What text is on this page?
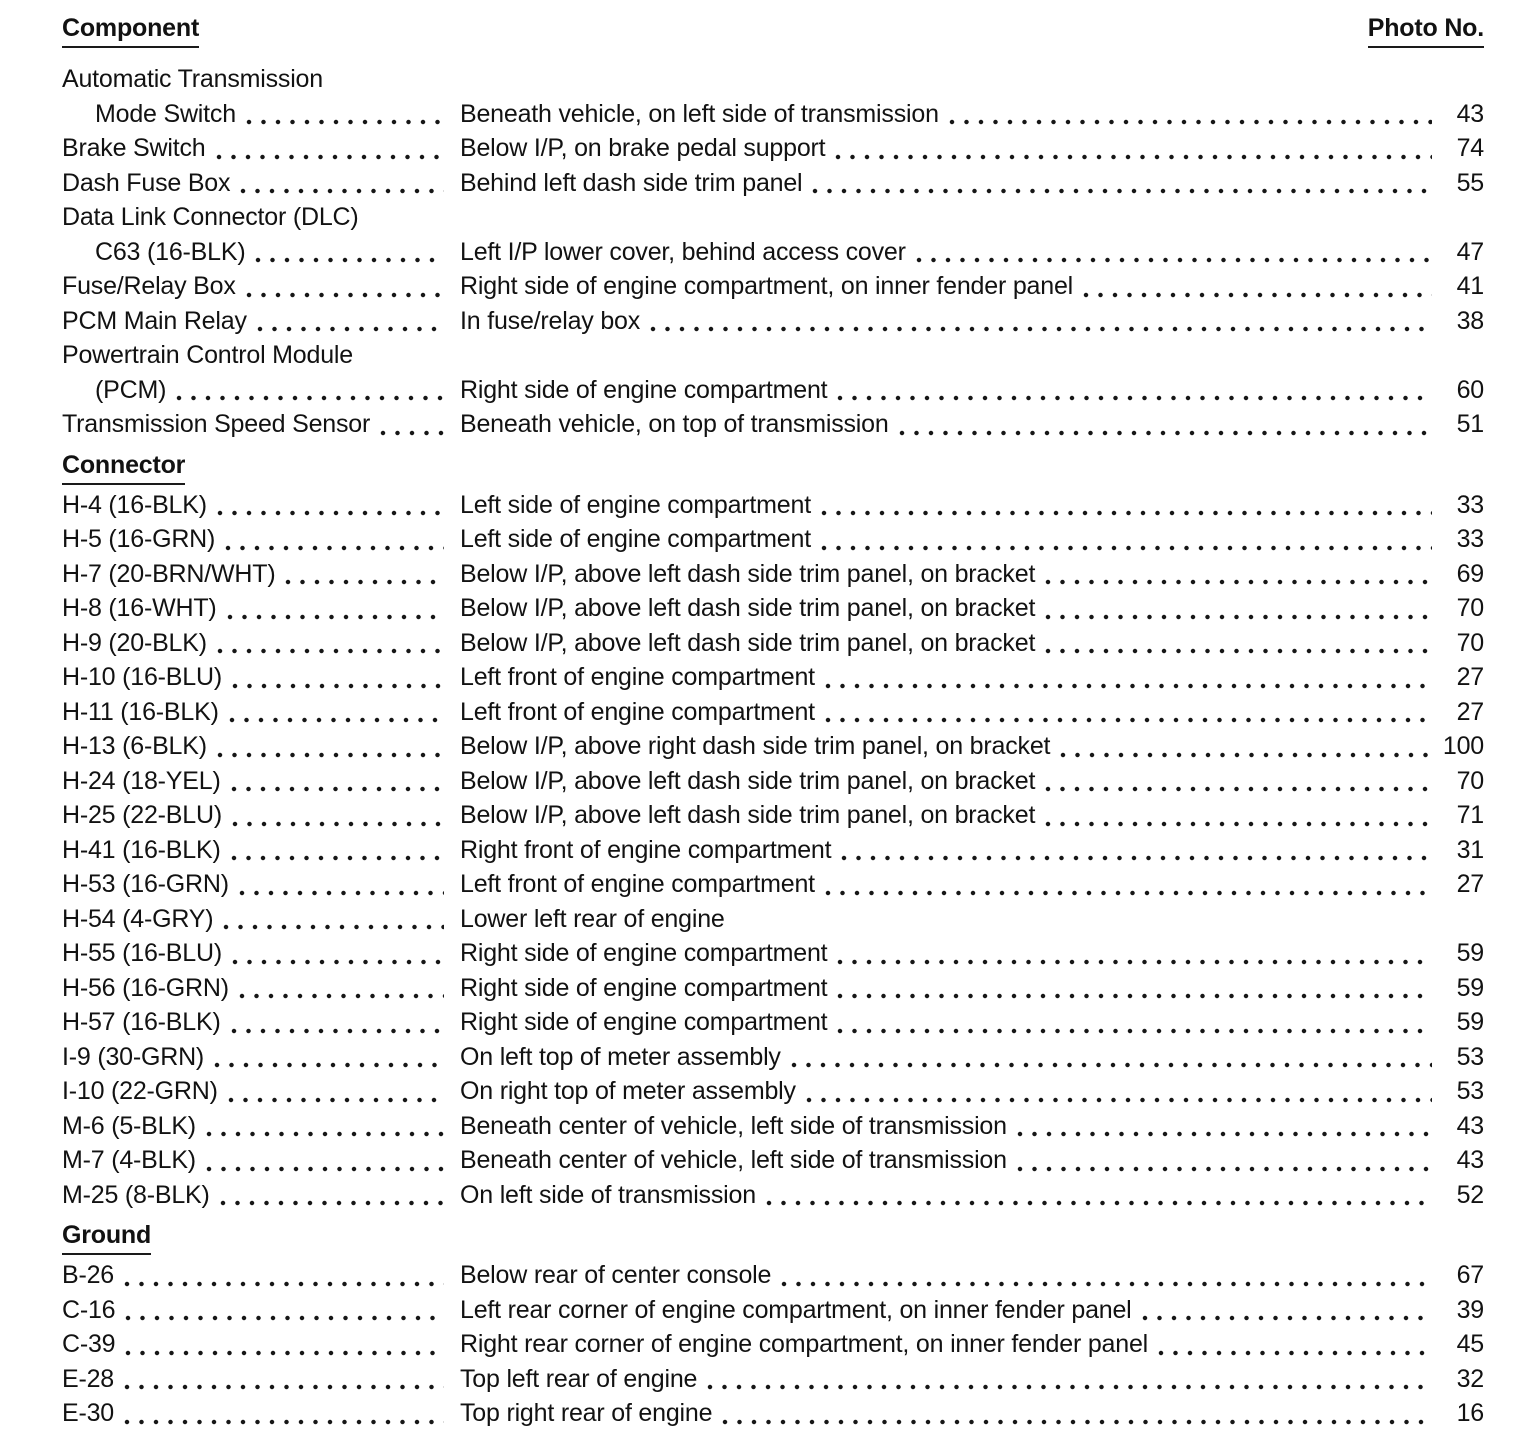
Component	Photo No.
Automatic Transmission
Mode Switch	Beneath vehicle, on left side of transmission	43
Brake Switch	Below I/P, on brake pedal support	74
Dash Fuse Box	Behind left dash side trim panel	55
Data Link Connector (DLC)
C63 (16-BLK)	Left I/P lower cover, behind access cover	47
Fuse/Relay Box	Right side of engine compartment, on inner fender panel	41
PCM Main Relay	In fuse/relay box	38
Powertrain Control Module
(PCM)	Right side of engine compartment	60
Transmission Speed Sensor	Beneath vehicle, on top of transmission	51
Connector
H-4 (16-BLK)	Left side of engine compartment	33
H-5 (16-GRN)	Left side of engine compartment	33
H-7 (20-BRN/WHT)	Below I/P, above left dash side trim panel, on bracket	69
H-8 (16-WHT)	Below I/P, above left dash side trim panel, on bracket	70
H-9 (20-BLK)	Below I/P, above left dash side trim panel, on bracket	70
H-10 (16-BLU)	Left front of engine compartment	27
H-11 (16-BLK)	Left front of engine compartment	27
H-13 (6-BLK)	Below I/P, above right dash side trim panel, on bracket	100
H-24 (18-YEL)	Below I/P, above left dash side trim panel, on bracket	70
H-25 (22-BLU)	Below I/P, above left dash side trim panel, on bracket	71
H-41 (16-BLK)	Right front of engine compartment	31
H-53 (16-GRN)	Left front of engine compartment	27
H-54 (4-GRY)	Lower left rear of engine
H-55 (16-BLU)	Right side of engine compartment	59
H-56 (16-GRN)	Right side of engine compartment	59
H-57 (16-BLK)	Right side of engine compartment	59
I-9 (30-GRN)	On left top of meter assembly	53
I-10 (22-GRN)	On right top of meter assembly	53
M-6 (5-BLK)	Beneath center of vehicle, left side of transmission	43
M-7 (4-BLK)	Beneath center of vehicle, left side of transmission	43
M-25 (8-BLK)	On left side of transmission	52
Ground
B-26	Below rear of center console	67
C-16	Left rear corner of engine compartment, on inner fender panel	39
C-39	Right rear corner of engine compartment, on inner fender panel	45
E-28	Top left rear of engine	32
E-30	Top right rear of engine	16
